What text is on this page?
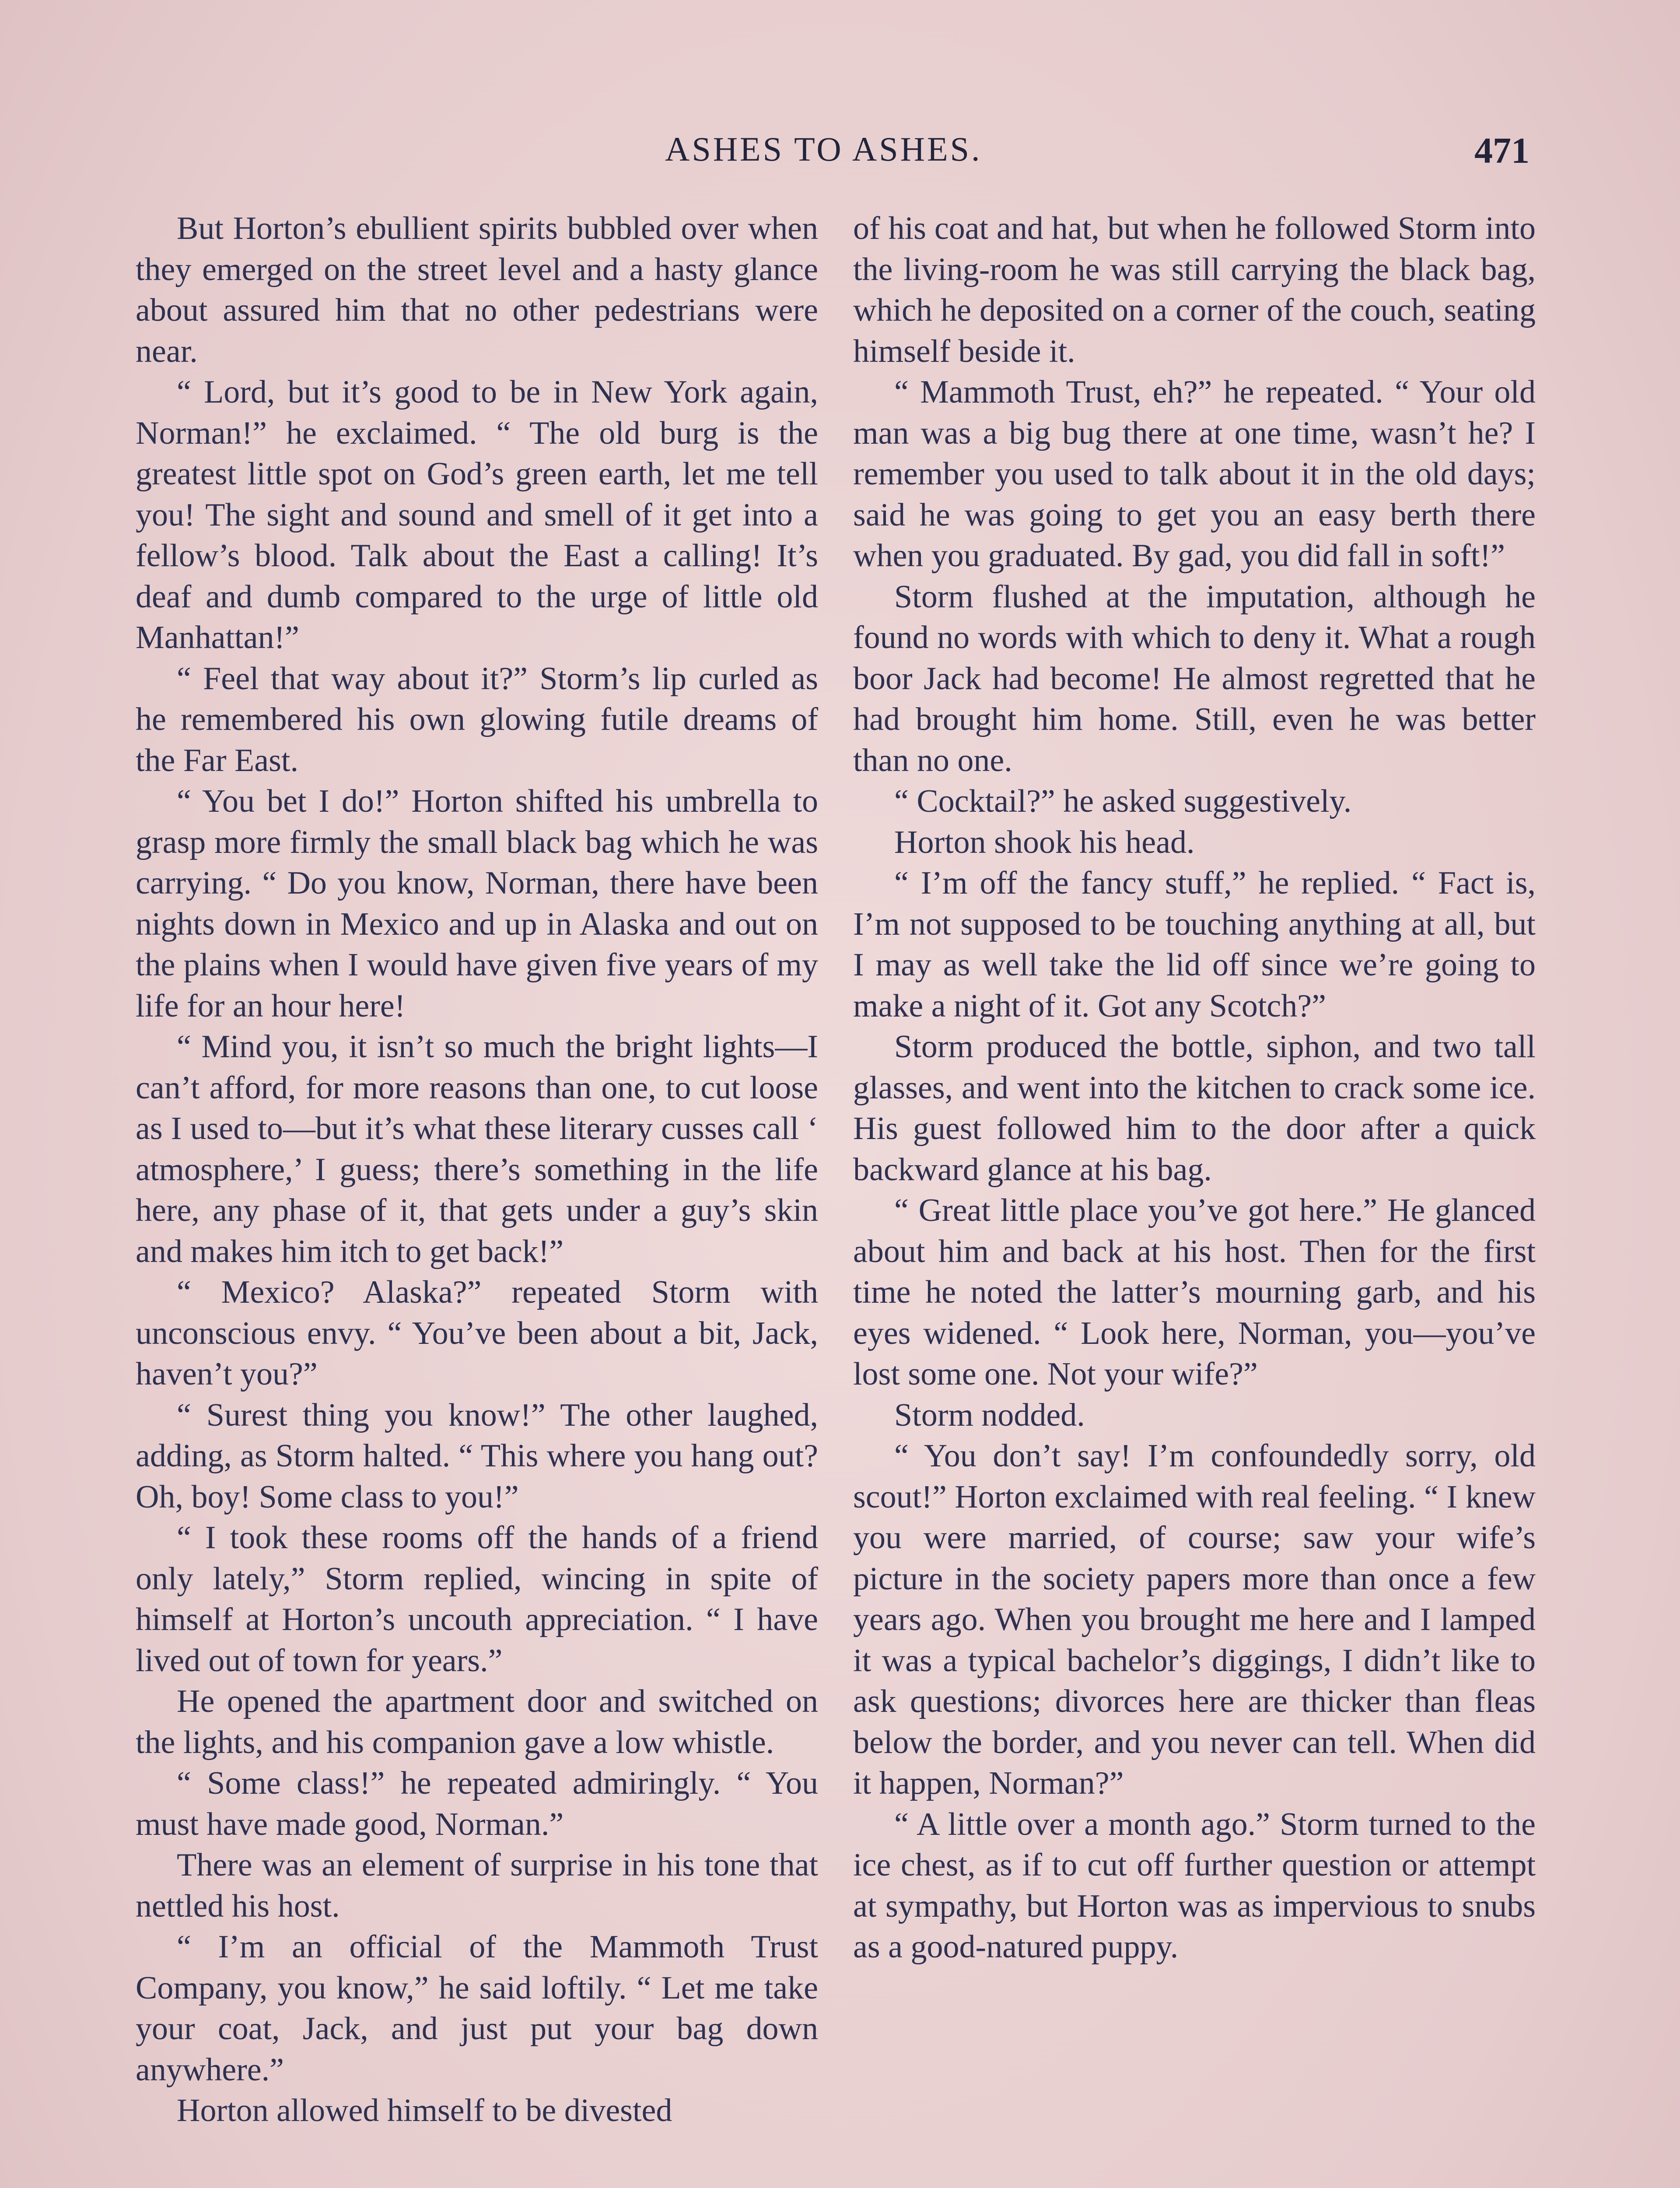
ASHES TO ASHES.	471

But Horton’s ebullient spirits bubbled over when they emerged on the street level and a hasty glance about assured him that no other pedestrians were near.

“ Lord, but it’s good to be in New York again, Norman!” he exclaimed. “ The old burg is the greatest little spot on God’s green earth, let me tell you! The sight and sound and smell of it get into a fellow’s blood. Talk about the East a calling! It’s deaf and dumb compared to the urge of little old Manhattan!”

“ Feel that way about it?” Storm’s lip curled as he remembered his own glowing futile dreams of the Far East.

“ You bet I do!” Horton shifted his umbrella to grasp more firmly the small black bag which he was carrying. “ Do you know, Norman, there have been nights down in Mexico and up in Alaska and out on the plains when I would have given five years of my life for an hour here!

“ Mind you, it isn’t so much the bright lights—I can’t afford, for more reasons than one, to cut loose as I used to—but it’s what these literary cusses call ‘ atmosphere,’ I guess; there’s something in the life here, any phase of it, that gets under a guy’s skin and makes him itch to get back!”

“ Mexico? Alaska?” repeated Storm with unconscious envy. “ You’ve been about a bit, Jack, haven’t you?”

“ Surest thing you know!” The other laughed, adding, as Storm halted. “ This where you hang out? Oh, boy! Some class to you!”

“ I took these rooms off the hands of a friend only lately,” Storm replied, wincing in spite of himself at Horton’s uncouth appreciation. “ I have lived out of town for years.”

He opened the apartment door and switched on the lights, and his companion gave a low whistle.

“ Some class!” he repeated admiringly. “ You must have made good, Norman.”

There was an element of surprise in his tone that nettled his host.

“ I’m an official of the Mammoth Trust Company, you know,” he said loftily. “ Let me take your coat, Jack, and just put your bag down anywhere.”

Horton allowed himself to be divested

of his coat and hat, but when he followed Storm into the living-room he was still carrying the black bag, which he deposited on a corner of the couch, seating himself beside it.

“ Mammoth Trust, eh?” he repeated. “ Your old man was a big bug there at one time, wasn’t he? I remember you used to talk about it in the old days; said he was going to get you an easy berth there when you graduated. By gad, you did fall in soft!”

Storm flushed at the imputation, although he found no words with which to deny it. What a rough boor Jack had become! He almost regretted that he had brought him home. Still, even he was better than no one.

“ Cocktail?” he asked suggestively.

Horton shook his head.

“ I’m off the fancy stuff,” he replied. “ Fact is, I’m not supposed to be touching anything at all, but I may as well take the lid off since we’re going to make a night of it. Got any Scotch?”

Storm produced the bottle, siphon, and two tall glasses, and went into the kitchen to crack some ice. His guest followed him to the door after a quick backward glance at his bag.

“ Great little place you’ve got here.” He glanced about him and back at his host. Then for the first time he noted the latter’s mourning garb, and his eyes widened. “ Look here, Norman, you—you’ve lost some one. Not your wife?”

Storm nodded.

“ You don’t say! I’m confoundedly sorry, old scout!” Horton exclaimed with real feeling. “ I knew you were married, of course; saw your wife’s picture in the society papers more than once a few years ago. When you brought me here and I lamped it was a typical bachelor’s diggings, I didn’t like to ask questions; divorces here are thicker than fleas below the border, and you never can tell. When did it happen, Norman?”

“ A little over a month ago.” Storm turned to the ice chest, as if to cut off further question or attempt at sympathy, but Horton was as impervious to snubs as a good-natured puppy.
